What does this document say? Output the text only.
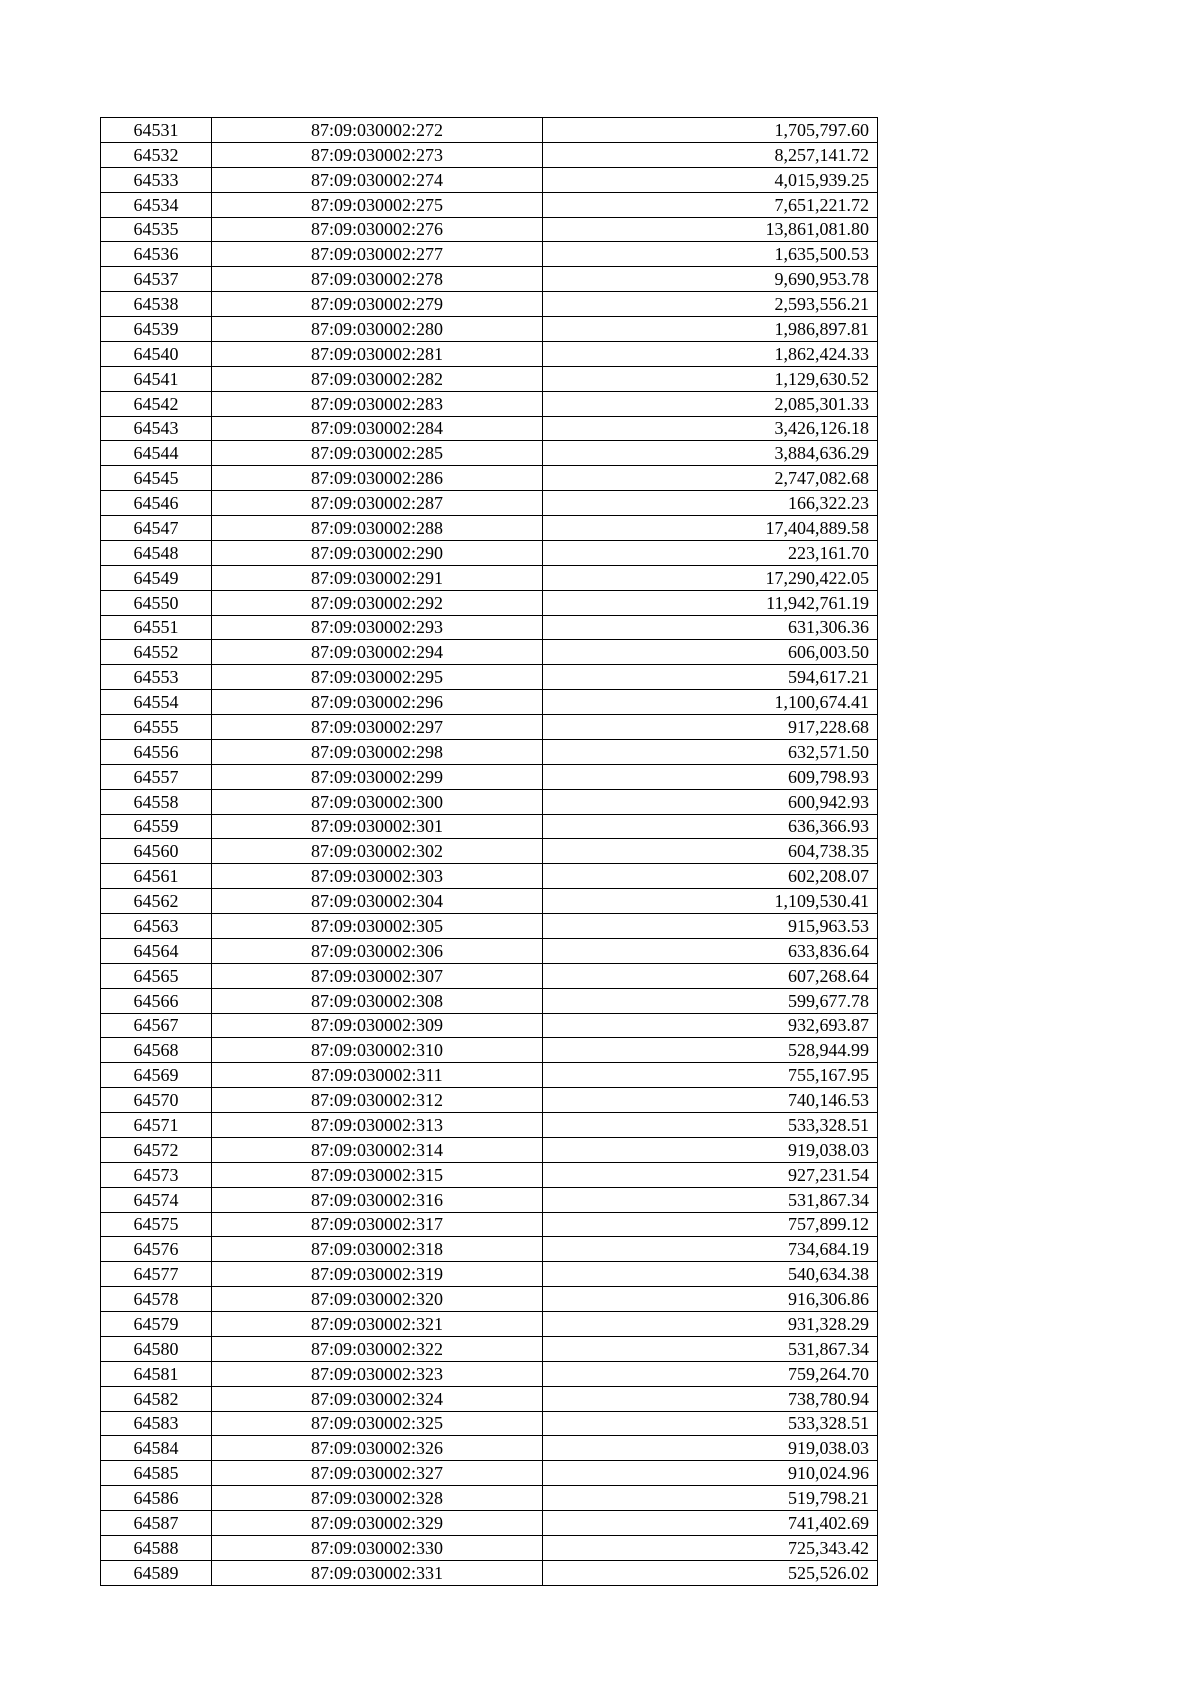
64531	87:09:030002:272	1,705,797.60
64532	87:09:030002:273	8,257,141.72
64533	87:09:030002:274	4,015,939.25
64534	87:09:030002:275	7,651,221.72
64535	87:09:030002:276	13,861,081.80
64536	87:09:030002:277	1,635,500.53
64537	87:09:030002:278	9,690,953.78
64538	87:09:030002:279	2,593,556.21
64539	87:09:030002:280	1,986,897.81
64540	87:09:030002:281	1,862,424.33
64541	87:09:030002:282	1,129,630.52
64542	87:09:030002:283	2,085,301.33
64543	87:09:030002:284	3,426,126.18
64544	87:09:030002:285	3,884,636.29
64545	87:09:030002:286	2,747,082.68
64546	87:09:030002:287	166,322.23
64547	87:09:030002:288	17,404,889.58
64548	87:09:030002:290	223,161.70
64549	87:09:030002:291	17,290,422.05
64550	87:09:030002:292	11,942,761.19
64551	87:09:030002:293	631,306.36
64552	87:09:030002:294	606,003.50
64553	87:09:030002:295	594,617.21
64554	87:09:030002:296	1,100,674.41
64555	87:09:030002:297	917,228.68
64556	87:09:030002:298	632,571.50
64557	87:09:030002:299	609,798.93
64558	87:09:030002:300	600,942.93
64559	87:09:030002:301	636,366.93
64560	87:09:030002:302	604,738.35
64561	87:09:030002:303	602,208.07
64562	87:09:030002:304	1,109,530.41
64563	87:09:030002:305	915,963.53
64564	87:09:030002:306	633,836.64
64565	87:09:030002:307	607,268.64
64566	87:09:030002:308	599,677.78
64567	87:09:030002:309	932,693.87
64568	87:09:030002:310	528,944.99
64569	87:09:030002:311	755,167.95
64570	87:09:030002:312	740,146.53
64571	87:09:030002:313	533,328.51
64572	87:09:030002:314	919,038.03
64573	87:09:030002:315	927,231.54
64574	87:09:030002:316	531,867.34
64575	87:09:030002:317	757,899.12
64576	87:09:030002:318	734,684.19
64577	87:09:030002:319	540,634.38
64578	87:09:030002:320	916,306.86
64579	87:09:030002:321	931,328.29
64580	87:09:030002:322	531,867.34
64581	87:09:030002:323	759,264.70
64582	87:09:030002:324	738,780.94
64583	87:09:030002:325	533,328.51
64584	87:09:030002:326	919,038.03
64585	87:09:030002:327	910,024.96
64586	87:09:030002:328	519,798.21
64587	87:09:030002:329	741,402.69
64588	87:09:030002:330	725,343.42
64589	87:09:030002:331	525,526.02
